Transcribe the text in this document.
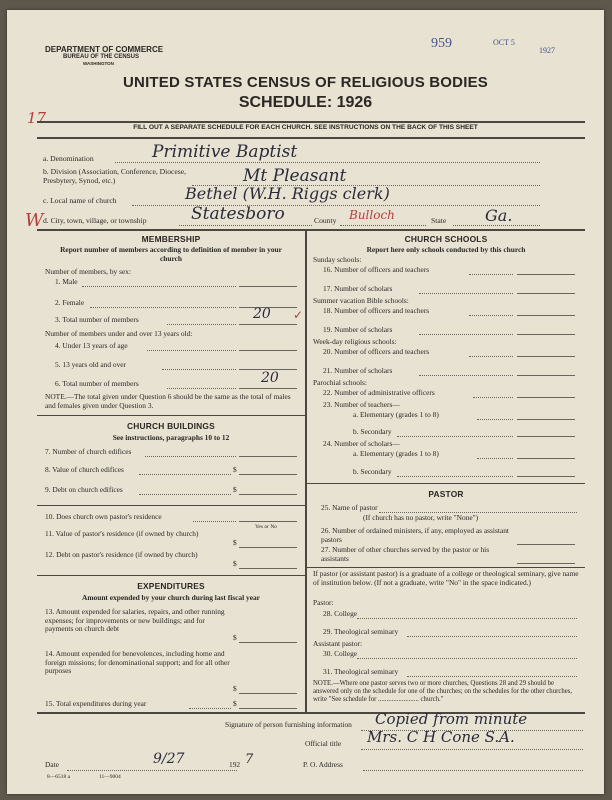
DEPARTMENT OF COMMERCE
BUREAU OF THE CENSUS
WASHINGTON
959	OCT 5
1927
UNITED STATES CENSUS OF RELIGIOUS BODIES
SCHEDULE: 1926
17
FILL OUT A SEPARATE SCHEDULE FOR EACH CHURCH. SEE INSTRUCTIONS ON THE BACK OF THIS SHEET
a. Denomination	Primitive Baptist
b. Division (Association, Conference, Diocese, Presbytery, Synod, etc.)	Mt Pleasant
c. Local name of church	Bethel (W.H. Riggs clerk)
W d. City, town, village, or township	Statesboro	County Bulloch	State Ga.
MEMBERSHIP
Report number of members according to definition of member in your church
Number of members, by sex:
1. Male
2. Female
3. Total number of members	20 ✓
Number of members under and over 13 years old:
4. Under 13 years of age
5. 13 years old and over
6. Total number of members	20
NOTE.—The total given under Question 6 should be the same as the total of males and females given under Question 3.
CHURCH BUILDINGS
See instructions, paragraphs 10 to 12
7. Number of church edifices
8. Value of church edifices	$
9. Debt on church edifices	$
10. Does church own pastor's residence
Yes or No
11. Value of pastor's residence (if owned by church)
$
12. Debt on pastor's residence (if owned by church)
$
EXPENDITURES
Amount expended by your church during last fiscal year
13. Amount expended for salaries, repairs, and other running expenses; for improvements or new buildings; and for payments on church debt
$
14. Amount expended for benevolences, including home and foreign missions; for denominational support; and for all other purposes
$
15. Total expenditures during year	$
CHURCH SCHOOLS
Report here only schools conducted by this church
Sunday schools:
16. Number of officers and teachers
17. Number of scholars
Summer vacation Bible schools:
18. Number of officers and teachers
19. Number of scholars
Week-day religious schools:
20. Number of officers and teachers
21. Number of scholars
Parochial schools:
22. Number of administrative officers
23. Number of teachers—
a. Elementary (grades 1 to 8)
b. Secondary
24. Number of scholars—
a. Elementary (grades 1 to 8)
b. Secondary
PASTOR
25. Name of pastor
(If church has no pastor, write "None")
26. Number of ordained ministers, if any, employed as assistant pastors
27. Number of other churches served by the pastor or his assistants
If pastor (or assistant pastor) is a graduate of a college or theological seminary, give name of institution below. (If not a graduate, write "No" in the space indicated.)
Pastor:
28. College
29. Theological seminary
Assistant pastor:
30. College
31. Theological seminary
NOTE.—Where one pastor serves two or more churches, Questions 28 and 29 should be answered only on the schedule for one of the churches; on the schedules for the other churches, write "See schedule for ........................ church."
Signature of person furnishing information Copied from minute
Official title Mrs. C H Cone S.A.
Date	9/27	192 7	P. O. Address
8—6518 a	11—9004
